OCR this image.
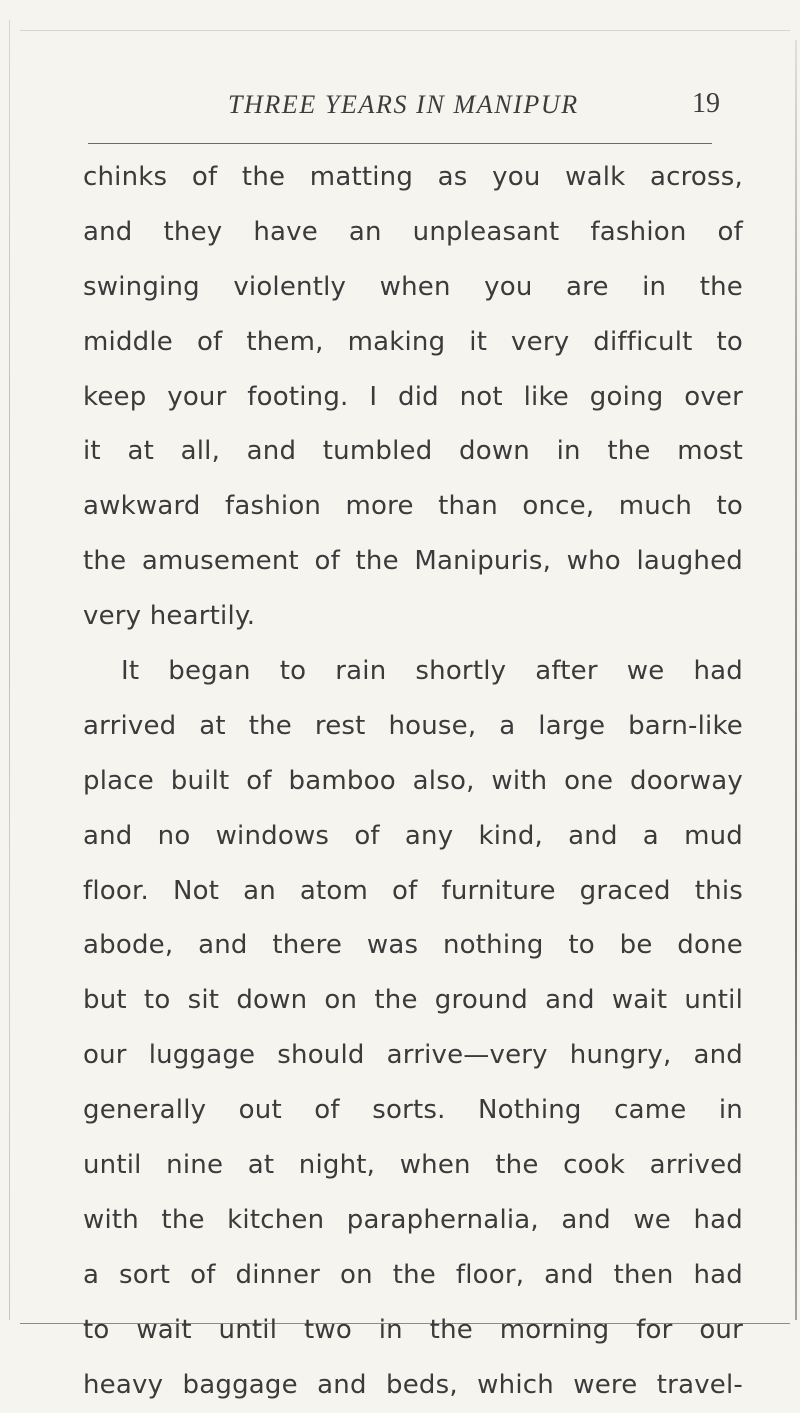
THREE YEARS IN MANIPUR	19
chinks of the matting as you walk across,
and they have an unpleasant fashion of
swinging violently when you are in the
middle of them, making it very difficult to
keep your footing. I did not like going over
it at all, and tumbled down in the most
awkward fashion more than once, much to
the amusement of the Manipuris, who laughed
very heartily.
It began to rain shortly after we had
arrived at the rest house, a large barn-like
place built of bamboo also, with one doorway
and no windows of any kind, and a mud
floor. Not an atom of furniture graced this
abode, and there was nothing to be done
but to sit down on the ground and wait until
our luggage should arrive—very hungry, and
generally out of sorts. Nothing came in
until nine at night, when the cook arrived
with the kitchen paraphernalia, and we had
a sort of dinner on the floor, and then had
to wait until two in the morning for our
heavy baggage and beds, which were travel-
